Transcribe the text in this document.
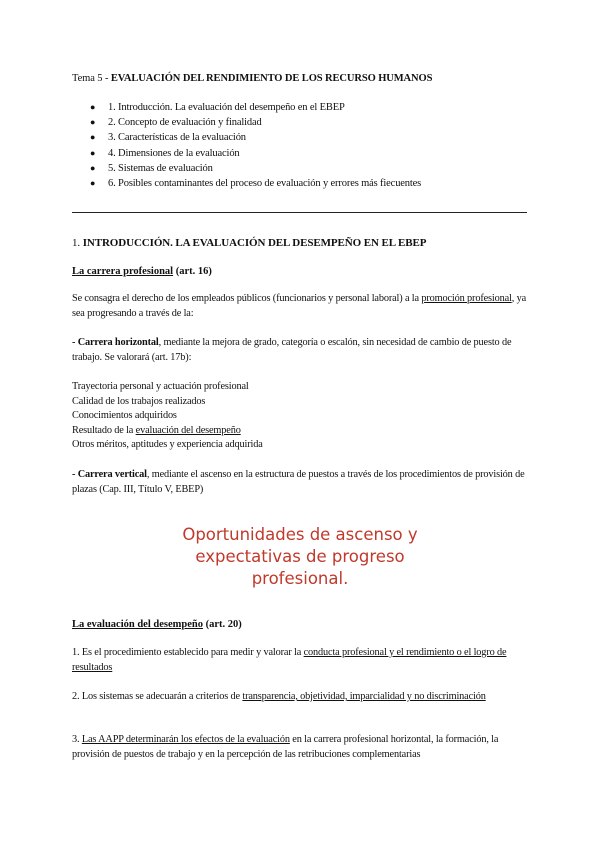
Tema 5 - EVALUACIÓN DEL RENDIMIENTO DE LOS RECURSO HUMANOS
● 1. Introducción. La evaluación del desempeño en el EBEP
● 2. Concepto de evaluación y finalidad
● 3. Características de la evaluación
● 4. Dimensiones de la evaluación
● 5. Sistemas de evaluación
● 6. Posibles contaminantes del proceso de evaluación y errores más fiecuentes
1. INTRODUCCIÓN. LA EVALUACIÓN DEL DESEMPEÑO EN EL EBEP
La carrera profesional (art. 16)
Se consagra el derecho de los empleados públicos (funcionarios y personal laboral) a la promoción profesional, ya sea progresando a través de la:
- Carrera horizontal, mediante la mejora de grado, categoría o escalón, sin necesidad de cambio de puesto de trabajo. Se valorará (art. 17b):
Trayectoria personal y actuación profesional
Calidad de los trabajos realizados
Conocimientos adquiridos
Resultado de la evaluación del desempeño
Otros méritos, aptitudes y experiencia adquirida
- Carrera vertical, mediante el ascenso en la estructura de puestos a través de los procedimientos de provisión de plazas (Cap. III, Título V, EBEP)
Oportunidades de ascenso y
expectativas de progreso
profesional.
La evaluación del desempeño (art. 20)
1. Es el procedimiento establecido para medir y valorar la conducta profesional y el rendimiento o el logro de resultados
2. Los sistemas se adecuarán a criterios de transparencia, objetividad, imparcialidad y no discriminación
3. Las AAPP determinarán los efectos de la evaluación en la carrera profesional horizontal, la formación, la provisión de puestos de trabajo y en la percepción de las retribuciones complementarias
